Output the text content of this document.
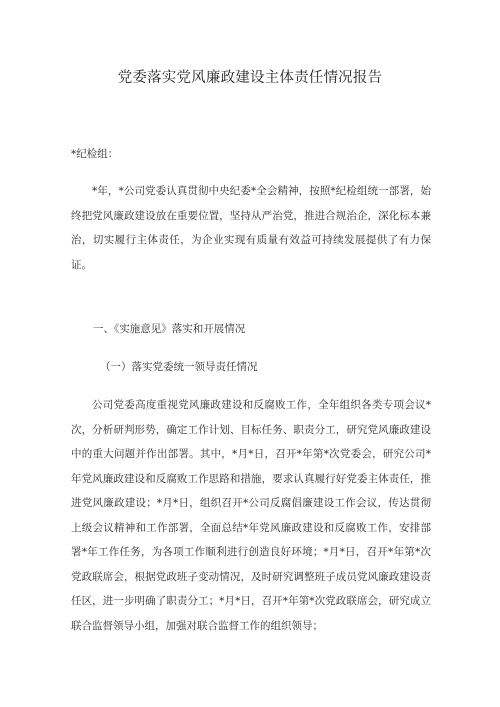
党委落实党风廉政建设主体责任情况报告

*纪检组：

*年，*公司党委认真贯彻中央纪委*全会精神，按照*纪检组统一部署，始终把党风廉政建设放在重要位置，坚持从严治党，推进合规治企，深化标本兼治，切实履行主体责任，为企业实现有质量有效益可持续发展提供了有力保证。

一、《实施意见》落实和开展情况

（一）落实党委统一领导责任情况

公司党委高度重视党风廉政建设和反腐败工作，全年组织各类专项会议*次，分析研判形势，确定工作计划、目标任务、职责分工，研究党风廉政建设中的重大问题并作出部署。其中，*月*日，召开*年第*次党委会，研究公司*年党风廉政建设和反腐败工作思路和措施，要求认真履行好党委主体责任，推进党风廉政建设；*月*日，组织召开*公司反腐倡廉建设工作会议，传达贯彻上级会议精神和工作部署，全面总结*年党风廉政建设和反腐败工作，安排部署*年工作任务，为各项工作顺利进行创造良好环境；*月*日，召开*年第*次党政联席会，根据党政班子变动情况，及时研究调整班子成员党风廉政建设责任区，进一步明确了职责分工；*月*日，召开*年第*次党政联席会，研究成立联合监督领导小组，加强对联合监督工作的组织领导；
